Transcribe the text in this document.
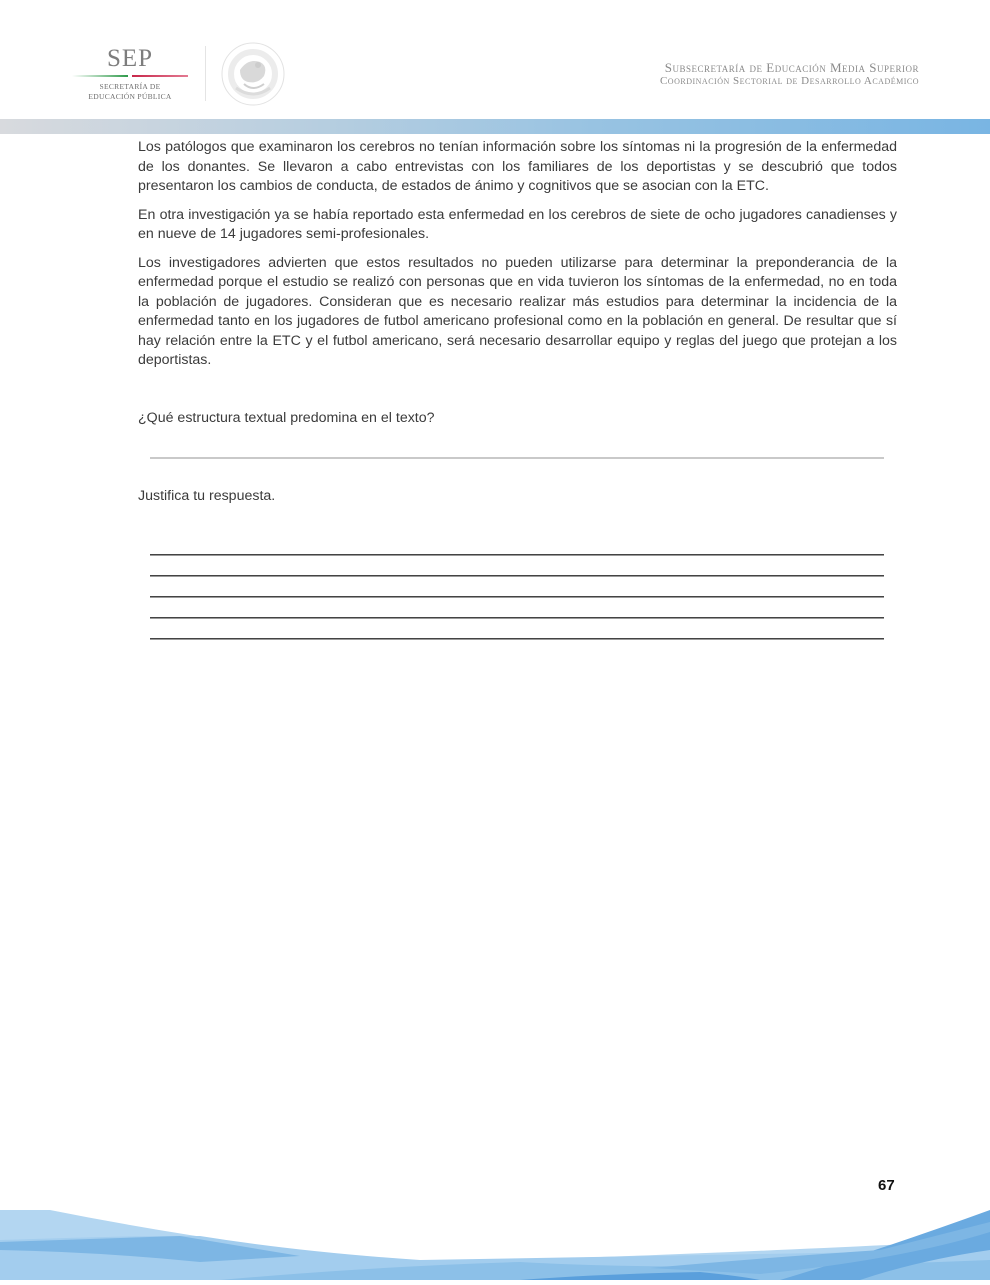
SEP
SECRETARÍA DE
EDUCACIÓN PÚBLICA
Subsecretaría de Educación Media Superior
Coordinación Sectorial de Desarrollo Académico

Los patólogos que examinaron los cerebros no tenían información sobre los síntomas ni la progresión de la enfermedad de los donantes. Se llevaron a cabo entrevistas con los familiares de los deportistas y se descubrió que todos presentaron los cambios de conducta, de estados de ánimo y cognitivos que se asocian con la ETC.

En otra investigación ya se había reportado esta enfermedad en los cerebros de siete de ocho jugadores canadienses y en nueve de 14 jugadores semi-profesionales.

Los investigadores advierten que estos resultados no pueden utilizarse para determinar la preponderancia de la enfermedad porque el estudio se realizó con personas que en vida tuvieron los síntomas de la enfermedad, no en toda la población de jugadores. Consideran que es necesario realizar más estudios para determinar la incidencia de la enfermedad tanto en los jugadores de futbol americano profesional como en la población en general. De resultar que sí hay relación entre la ETC y el futbol americano, será necesario desarrollar equipo y reglas del juego que protejan a los deportistas.

¿Qué estructura textual predomina en el texto?
Justifica tu respuesta.
67
